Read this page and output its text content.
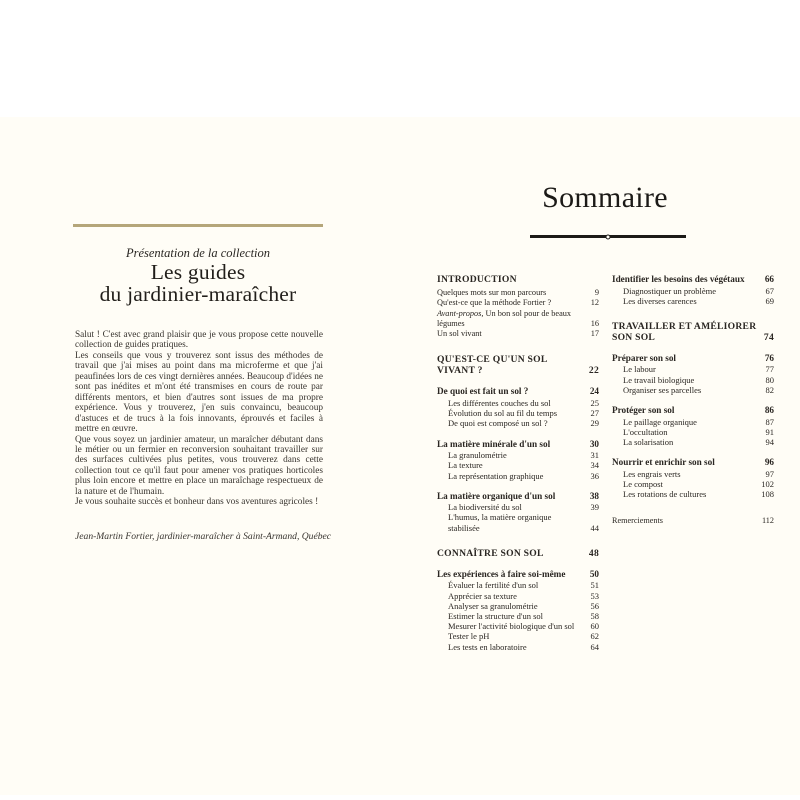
Présentation de la collection
Les guides
du jardinier-maraîcher

Salut ! C'est avec grand plaisir que je vous propose cette nouvelle collection de guides pratiques.

Les conseils que vous y trouverez sont issus des méthodes de travail que j'ai mises au point dans ma microferme et que j'ai peaufinées lors de ces vingt dernières années. Beaucoup d'idées ne sont pas inédites et m'ont été transmises en cours de route par différents mentors, et bien d'autres sont issues de ma propre expérience. Vous y trouverez, j'en suis convaincu, beaucoup d'astuces et de trucs à la fois innovants, éprouvés et faciles à mettre en œuvre.

Que vous soyez un jardinier amateur, un maraîcher débutant dans le métier ou un fermier en reconversion souhaitant travailler sur des surfaces cultivées plus petites, vous trouverez dans cette collection tout ce qu'il faut pour amener vos pratiques horticoles plus loin encore et mettre en place un maraîchage respectueux de la nature et de l'humain.

Je vous souhaite succès et bonheur dans vos aventures agricoles !

Jean-Martin Fortier, jardinier-maraîcher à Saint-Armand, Québec
Sommaire
INTRODUCTION
Quelques mots sur mon parcours	9
Qu'est-ce que la méthode Fortier ?	12
Avant-propos, Un bon sol pour de beaux légumes	16
Un sol vivant	17
QU'EST-CE QU'UN SOL VIVANT ?	22
De quoi est fait un sol ?	24
Les différentes couches du sol	25
Évolution du sol au fil du temps	27
De quoi est composé un sol ?	29
La matière minérale d'un sol	30
La granulométrie	31
La texture	34
La représentation graphique	36
La matière organique d'un sol	38
La biodiversité du sol	39
L'humus, la matière organique stabilisée	44
CONNAÎTRE SON SOL	48
Les expériences à faire soi-même	50
Évaluer la fertilité d'un sol	51
Apprécier sa texture	53
Analyser sa granulométrie	56
Estimer la structure d'un sol	58
Mesurer l'activité biologique d'un sol 60
Tester le pH	62
Les tests en laboratoire	64
Identifier les besoins des végétaux 66
Diagnostiquer un problème	67
Les diverses carences	69
TRAVAILLER ET AMÉLIORER SON SOL	74
Préparer son sol	76
Le labour	77
Le travail biologique	80
Organiser ses parcelles	82
Protéger son sol	86
Le paillage organique	87
L'occultation	91
La solarisation	94
Nourrir et enrichir son sol	96
Les engrais verts	97
Le compost	102
Les rotations de cultures	108
Remerciements	112
